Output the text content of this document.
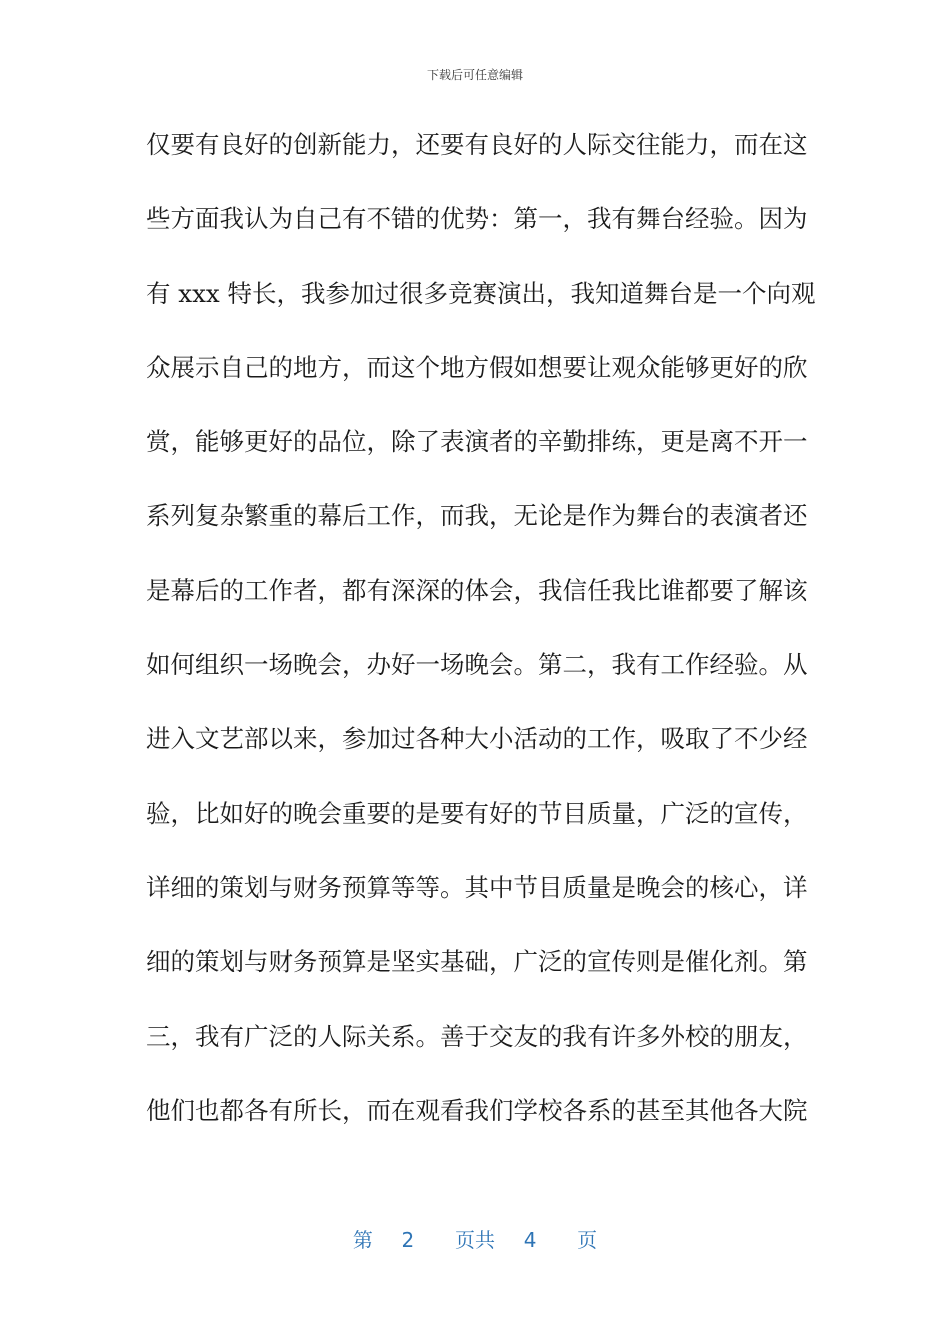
下载后可任意编辑
仅要有良好的创新能力，还要有良好的人际交往能力，而在这
些方面我认为自己有不错的优势：第一，我有舞台经验。因为
有 xxx 特长，我参加过很多竞赛演出，我知道舞台是一个向观
众展示自己的地方，而这个地方假如想要让观众能够更好的欣
赏，能够更好的品位，除了表演者的辛勤排练，更是离不开一
系列复杂繁重的幕后工作，而我，无论是作为舞台的表演者还
是幕后的工作者，都有深深的体会，我信任我比谁都要了解该
如何组织一场晚会，办好一场晚会。第二，我有工作经验。从
进入文艺部以来，参加过各种大小活动的工作，吸取了不少经
验，比如好的晚会重要的是要有好的节目质量，广泛的宣传，
详细的策划与财务预算等等。其中节目质量是晚会的核心，详
细的策划与财务预算是坚实基础，广泛的宣传则是催化剂。第
三，我有广泛的人际关系。善于交友的我有许多外校的朋友，
他们也都各有所长，而在观看我们学校各系的甚至其他各大院
第 2 页共 4 页
